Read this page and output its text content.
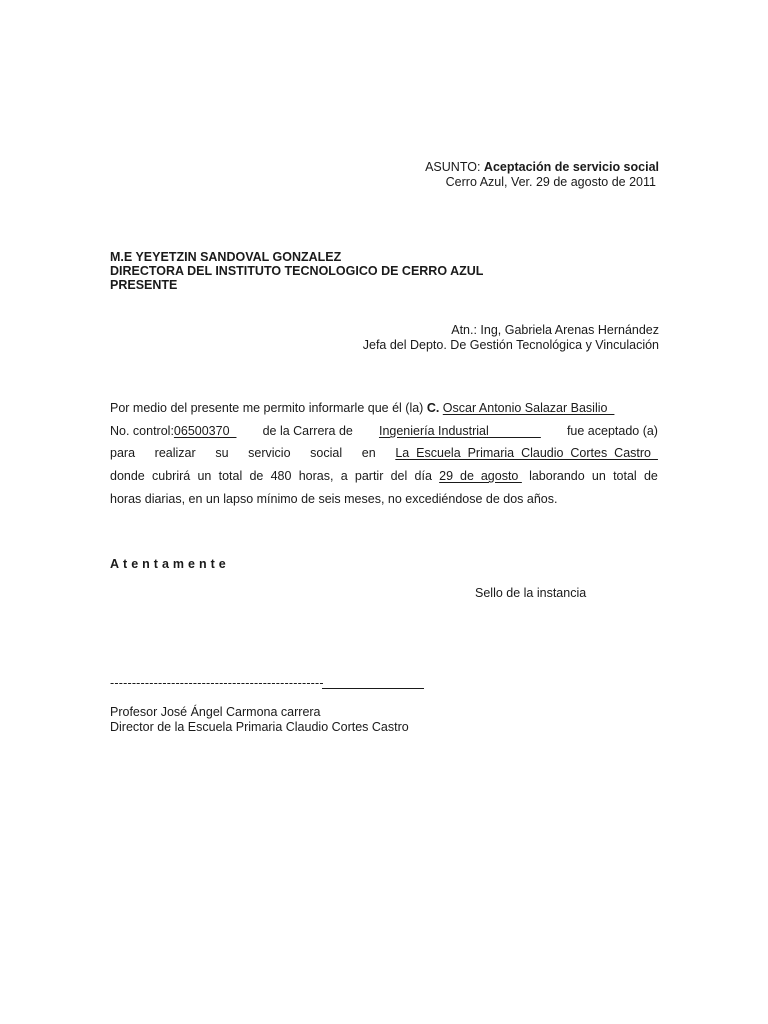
ASUNTO: Aceptación de servicio social
Cerro Azul, Ver. 29 de agosto de 2011
M.E YEYETZIN SANDOVAL GONZALEZ
DIRECTORA DEL INSTITUTO TECNOLOGICO DE CERRO AZUL
PRESENTE
Atn.: Ing, Gabriela Arenas Hernández
Jefa del Depto. De Gestión Tecnológica y Vinculación
Por medio del presente me permito informarle que él (la) C. Oscar Antonio Salazar Basilio
No. control:06500370 de la Carrera de Ingeniería Industrial fue aceptado (a)
para realizar su servicio social en La  Escuela  Primaria  Claudio  Cortes  Castro
donde cubrirá un total de 480 horas, a partir del día 29  de  agosto laborando un total de
horas diarias, en un lapso mínimo de seis meses, no excediéndose de dos años.
Atentamente
Sello de la instancia
-------------------------------------------------
Profesor José Ángel Carmona carrera
Director de la Escuela Primaria Claudio Cortes Castro
